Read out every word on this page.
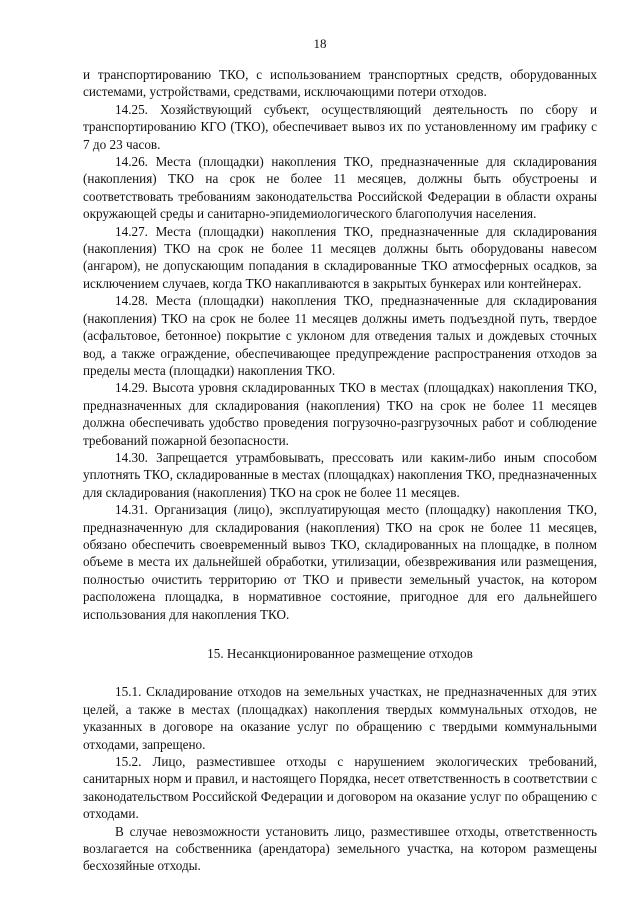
18

и транспортированию ТКО, с использованием транспортных средств, оборудованных системами, устройствами, средствами, исключающими потери отходов.

14.25. Хозяйствующий субъект, осуществляющий деятельность по сбору и транспортированию КГО (ТКО), обеспечивает вывоз их по установленному им графику с 7 до 23 часов.

14.26. Места (площадки) накопления ТКО, предназначенные для складирования (накопления) ТКО на срок не более 11 месяцев, должны быть обустроены и соответствовать требованиям законодательства Российской Федерации в области охраны окружающей среды и санитарно-эпидемиологического благополучия населения.

14.27. Места (площадки) накопления ТКО, предназначенные для складирования (накопления) ТКО на срок не более 11 месяцев должны быть оборудованы навесом (ангаром), не допускающим попадания в складированные ТКО атмосферных осадков, за исключением случаев, когда ТКО накапливаются в закрытых бункерах или контейнерах.

14.28. Места (площадки) накопления ТКО, предназначенные для складирования (накопления) ТКО на срок не более 11 месяцев должны иметь подъездной путь, твердое (асфальтовое, бетонное) покрытие с уклоном для отведения талых и дождевых сточных вод, а также ограждение, обеспечивающее предупреждение распространения отходов за пределы места (площадки) накопления ТКО.

14.29. Высота уровня складированных ТКО в местах (площадках) накопления ТКО, предназначенных для складирования (накопления) ТКО на срок не более 11 месяцев должна обеспечивать удобство проведения погрузочно-разгрузочных работ и соблюдение требований пожарной безопасности.

14.30. Запрещается утрамбовывать, прессовать или каким-либо иным способом уплотнять ТКО, складированные в местах (площадках) накопления ТКО, предназначенных для складирования (накопления) ТКО на срок не более 11 месяцев.

14.31. Организация (лицо), эксплуатирующая место (площадку) накопления ТКО, предназначенную для складирования (накопления) ТКО на срок не более 11 месяцев, обязано обеспечить своевременный вывоз ТКО, складированных на площадке, в полном объеме в места их дальнейшей обработки, утилизации, обезвреживания или размещения, полностью очистить территорию от ТКО и привести земельный участок, на котором расположена площадка, в нормативное состояние, пригодное для его дальнейшего использования для накопления ТКО.

15. Несанкционированное размещение отходов

15.1. Складирование отходов на земельных участках, не предназначенных для этих целей, а также в местах (площадках) накопления твердых коммунальных отходов, не указанных в договоре на оказание услуг по обращению с твердыми коммунальными отходами, запрещено.

15.2. Лицо, разместившее отходы с нарушением экологических требований, санитарных норм и правил, и настоящего Порядка, несет ответственность в соответствии с законодательством Российской Федерации и договором на оказание услуг по обращению с отходами.

В случае невозможности установить лицо, разместившее отходы, ответственность возлагается на собственника (арендатора) земельного участка, на котором размещены бесхозяйные отходы.
